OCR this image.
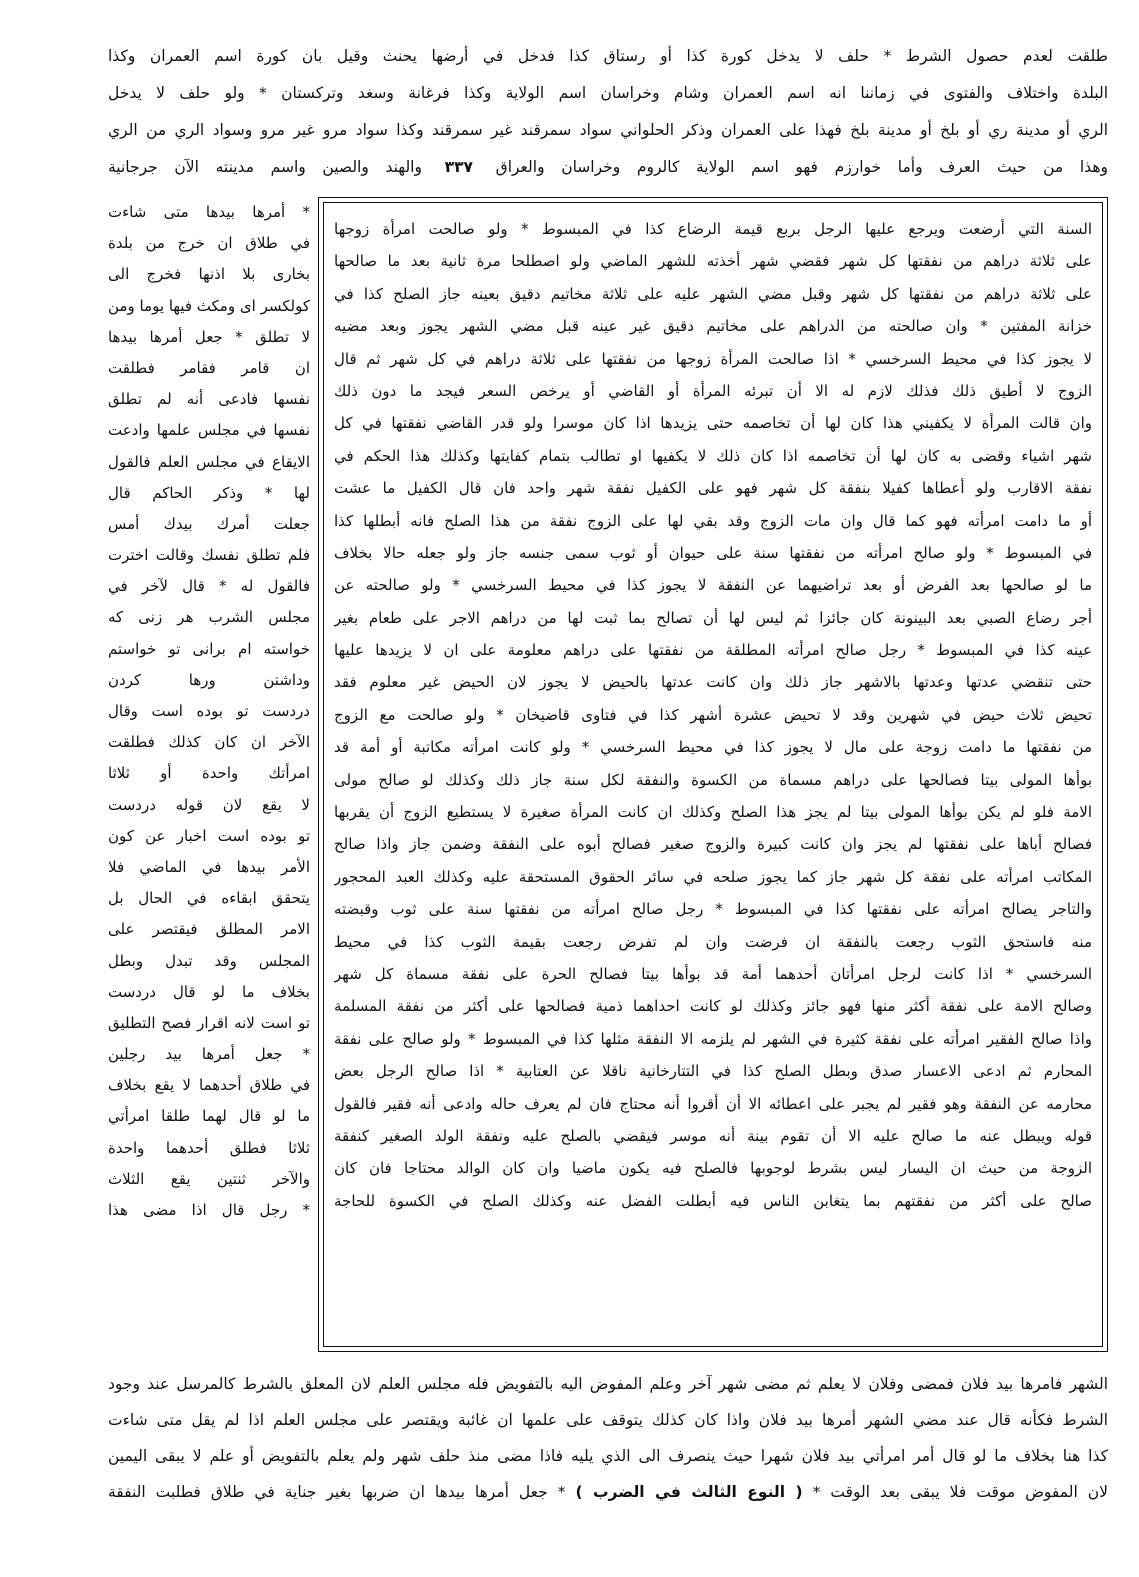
طلقت لعدم حصول الشرط * حلف لا يدخل كورة كذا أو رستاق كذا فدخل في أرضها يحنث وقيل بان كورة اسم العمران وكذا
البلدة واختلاف والفتوى في زماننا انه اسم العمران وشام وخراسان اسم الولاية وكذا فرغانة وسغد وتركستان * ولو حلف لا يدخل
الري أو مدينة ري أو بلخ أو مدينة بلخ فهذا على العمران وذكر الحلواني سواد سمرقند غير سمرقند وكذا سواد مرو غير مرو وسواد الري من الري
وهذا من حيث العرف وأما خوارزم فهو اسم الولاية كالروم وخراسان والعراق ٣٣٧ والهند والصين واسم مدينته الآن جرجانية
السنة التي أرضعت ويرجع عليها الرجل بربع قيمة الرضاع كذا في المبسوط * ولو صالحت امرأة زوجها
على ثلاثة دراهم من نفقتها كل شهر فقضي شهر أخذته للشهر الماضي ولو اصطلحا مرة ثانية بعد ما صالحها
على ثلاثة دراهم من نفقتها كل شهر وقبل مضي الشهر عليه على ثلاثة مخاتيم دقيق بعينه جاز الصلح كذا في
خزانة المفتين * وان صالحته من الدراهم على مخاتيم دقيق غير عينه قبل مضي الشهر يجوز وبعد مضيه
لا يجوز كذا في محيط السرخسي * اذا صالحت المرأة زوجها من نفقتها على ثلاثة دراهم في كل شهر ثم قال
الزوج لا أطيق ذلك فذلك لازم له الا أن تبرئه المرأة أو القاضي أو يرخص السعر فيجد ما دون ذلك
وان قالت المرأة لا يكفيني هذا كان لها أن تخاصمه حتى يزيدها اذا كان موسرا ولو قدر القاضي نفقتها في كل
شهر اشياء وقضى به كان لها أن تخاصمه اذا كان ذلك لا يكفيها او تطالب بتمام كفايتها وكذلك هذا الحكم في
نفقة الاقارب ولو أعطاها كفيلا بنفقة كل شهر فهو على الكفيل نفقة شهر واحد فان قال الكفيل ما عشت
أو ما دامت امرأته فهو كما قال وان مات الزوج وقد بقي لها على الزوج نفقة من هذا الصلح فانه أبطلها كذا
في المبسوط * ولو صالح امرأته من نفقتها سنة على حيوان أو ثوب سمى جنسه جاز ولو جعله حالا بخلاف
ما لو صالحها بعد الفرض أو بعد تراضيهما عن النفقة لا يجوز كذا في محيط السرخسي * ولو صالحته عن
أجر رضاع الصبي بعد البينونة كان جائزا ثم ليس لها أن تصالح بما ثبت لها من دراهم الاجر على طعام بغير
عينه كذا في المبسوط * رجل صالح امرأته المطلقة من نفقتها على دراهم معلومة على ان لا يزيدها عليها
حتى تنقضي عدتها وعدتها بالاشهر جاز ذلك وان كانت عدتها بالحيض لا يجوز لان الحيض غير معلوم فقد
تحيض ثلاث حيض في شهرين وقد لا تحيض عشرة أشهر كذا في فتاوى قاضيخان * ولو صالحت مع الزوج
من نفقتها ما دامت زوجة على مال لا يجوز كذا في محيط السرخسي * ولو كانت امرأته مكاتبة أو أمة قد
بوأها المولى بيتا فصالحها على دراهم مسماة من الكسوة والنفقة لكل سنة جاز ذلك وكذلك لو صالح مولى
الامة فلو لم يكن بوأها المولى بيتا لم يجز هذا الصلح وكذلك ان كانت المرأة صغيرة لا يستطيع الزوج أن يقربها
فصالح أباها على نفقتها لم يجز وان كانت كبيرة والزوج صغير فصالح أبوه على النفقة وضمن جاز واذا صالح
المكاتب امرأته على نفقة كل شهر جاز كما يجوز صلحه في سائر الحقوق المستحقة عليه وكذلك العبد المحجور
والتاجر يصالح امرأته على نفقتها كذا في المبسوط * رجل صالح امرأته من نفقتها سنة على ثوب وقبضته
منه فاستحق الثوب رجعت بالنفقة ان فرضت وان لم تفرض رجعت بقيمة الثوب كذا في محيط
السرخسي * اذا كانت لرجل امرأتان أحدهما أمة قد بوأها بيتا فصالح الحرة على نفقة مسماة كل شهر
وصالح الامة على نفقة أكثر منها فهو جائز وكذلك لو كانت احداهما ذمية فصالحها على أكثر من نفقة المسلمة
واذا صالح الفقير امرأته على نفقة كثيرة في الشهر لم يلزمه الا النفقة مثلها كذا في المبسوط * ولو صالح على نفقة
المحارم ثم ادعى الاعسار صدق وبطل الصلح كذا في التتارخانية ناقلا عن العتابية * اذا صالح الرجل بعض
محارمه عن النفقة وهو فقير لم يجبر على اعطائه الا أن أقروا أنه محتاج فان لم يعرف حاله وادعى أنه فقير فالقول
قوله ويبطل عنه ما صالح عليه الا أن تقوم بينة أنه موسر فيقضي بالصلح عليه ونفقة الولد الصغير كنفقة
الزوجة من حيث ان اليسار ليس بشرط لوجوبها فالصلح فيه يكون ماضيا وان كان الوالد محتاجا فان كان
صالح على أكثر من نفقتهم بما يتغابن الناس فيه أبطلت الفضل عنه وكذلك الصلح في الكسوة للحاجة
* أمرها بيدها متى شاءت
في طلاق ان خرج من بلدة
بخارى بلا اذنها فخرج الى
كولكسر اى ومكث فيها يوما ومن
لا تطلق * جعل أمرها بيدها
ان قامر فقامر فطلقت
نفسها فادعى أنه لم تطلق
نفسها في مجلس علمها وادعت
الايقاع في مجلس العلم فالقول
لها * وذكر الحاكم قال
جعلت أمرك بيدك أمس
فلم تطلق نفسك وقالت اخترت
فالقول له * قال لآخر في
مجلس الشرب هر زنى كه
خواسته ام برانى تو خواستم
وداشتن ورها كردن
دردست تو بوده است وقال
الآخر ان كان كذلك فطلقت
امرأتك واحدة أو ثلاثا
لا يقع لان قوله دردست
تو بوده است اخبار عن كون
الأمر بيدها في الماضي فلا
يتحقق ابقاءه في الحال بل
الامر المطلق فيقتصر على
المجلس وقد تبدل وبطل
بخلاف ما لو قال دردست
تو است لانه اقرار فصح التطليق
* جعل أمرها بيد رجلين
في طلاق أحدهما لا يقع بخلاف
ما لو قال لهما طلقا امرأتي
ثلاثا فطلق أحدهما واحدة
والآخر ثنتين يقع الثلاث
* رجل قال اذا مضى هذا
الشهر فامرها بيد فلان فمضى وفلان لا يعلم ثم مضى شهر آخر وعلم المفوض اليه بالتفويض فله مجلس العلم لان المعلق بالشرط كالمرسل عند وجود
الشرط فكأنه قال عند مضي الشهر أمرها بيد فلان واذا كان كذلك يتوقف على علمها ان غائبة ويقتصر على مجلس العلم اذا لم يقل متى شاءت
كذا هنا بخلاف ما لو قال أمر امرأتي بيد فلان شهرا حيث ينصرف الى الذي يليه فاذا مضى منذ حلف شهر ولم يعلم بالتفويض أو علم لا يبقى اليمين
لان المفوض موقت فلا يبقى بعد الوقت * ( النوع الثالث في الضرب ) * جعل أمرها بيدها ان ضربها بغير جناية في طلاق فطلبت النفقة
